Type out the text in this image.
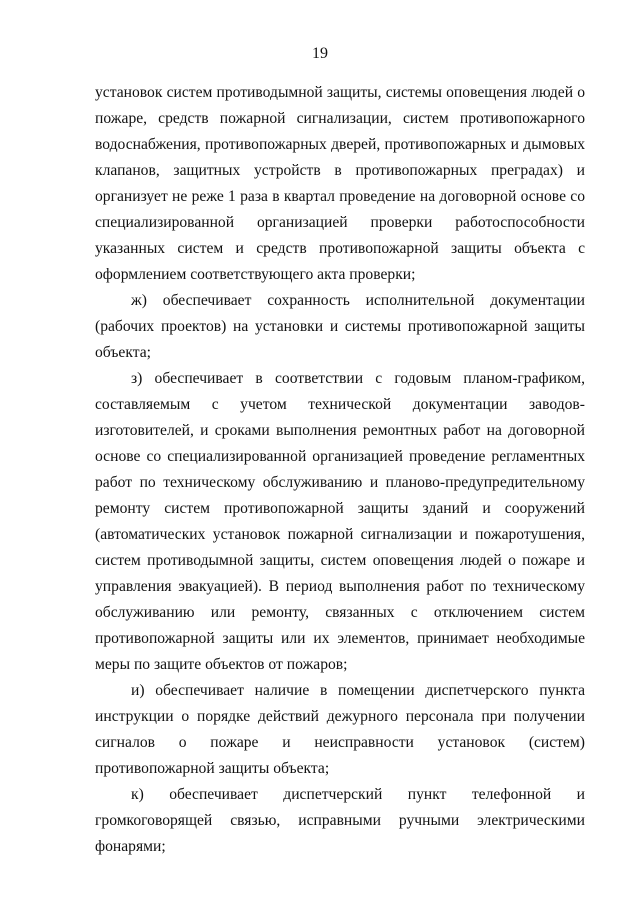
19

установок систем противодымной защиты, системы оповещения людей о пожаре, средств пожарной сигнализации, систем противопожарного водоснабжения, противопожарных дверей, противопожарных и дымовых клапанов, защитных устройств в противопожарных преградах) и организует не реже 1 раза в квартал проведение на договорной основе со специализированной организацией проверки работоспособности указанных систем и средств противопожарной защиты объекта с оформлением соответствующего акта проверки;

ж) обеспечивает сохранность исполнительной документации (рабочих проектов) на установки и системы противопожарной защиты объекта;

з) обеспечивает в соответствии с годовым планом-графиком, составляемым с учетом технической документации заводов-изготовителей, и сроками выполнения ремонтных работ на договорной основе со специализированной организацией проведение регламентных работ по техническому обслуживанию и планово-предупредительному ремонту систем противопожарной защиты зданий и сооружений (автоматических установок пожарной сигнализации и пожаротушения, систем противодымной защиты, систем оповещения людей о пожаре и управления эвакуацией). В период выполнения работ по техническому обслуживанию или ремонту, связанных с отключением систем противопожарной защиты или их элементов, принимает необходимые меры по защите объектов от пожаров;

и) обеспечивает наличие в помещении диспетчерского пункта инструкции о порядке действий дежурного персонала при получении сигналов о пожаре и неисправности установок (систем) противопожарной защиты объекта;

к) обеспечивает диспетчерский пункт телефонной и громкоговорящей связью, исправными ручными электрическими фонарями;
